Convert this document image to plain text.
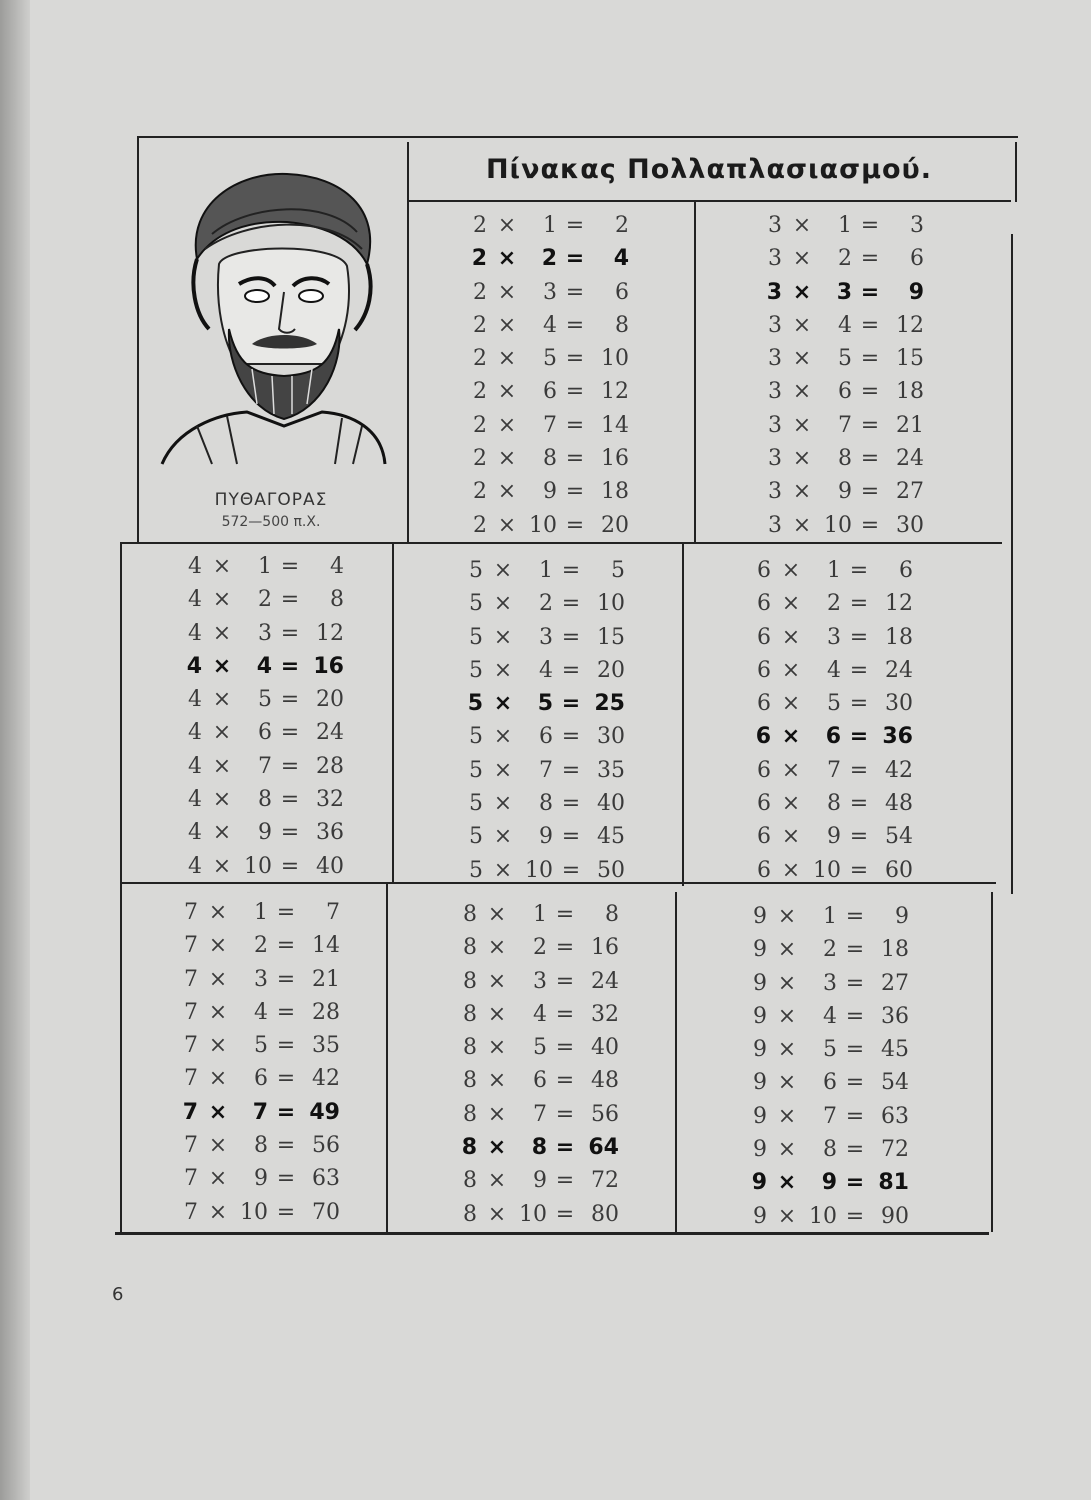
ΠΥΘΑΓΟΡΑΣ
572—500 π.Χ.
Πίνακας Πολλαπλασιασμού.
2 × 1 = 2
2 × 2 = 4
2 × 3 = 6
2 × 4 = 8
2 × 5 = 10
2 × 6 = 12
2 × 7 = 14
2 × 8 = 16
2 × 9 = 18
2 × 10 = 20
3 × 1 = 3
3 × 2 = 6
3 × 3 = 9
3 × 4 = 12
3 × 5 = 15
3 × 6 = 18
3 × 7 = 21
3 × 8 = 24
3 × 9 = 27
3 × 10 = 30
4 × 1 = 4
4 × 2 = 8
4 × 3 = 12
4 × 4 = 16
4 × 5 = 20
4 × 6 = 24
4 × 7 = 28
4 × 8 = 32
4 × 9 = 36
4 × 10 = 40
5 × 1 = 5
5 × 2 = 10
5 × 3 = 15
5 × 4 = 20
5 × 5 = 25
5 × 6 = 30
5 × 7 = 35
5 × 8 = 40
5 × 9 = 45
5 × 10 = 50
6 × 1 = 6
6 × 2 = 12
6 × 3 = 18
6 × 4 = 24
6 × 5 = 30
6 × 6 = 36
6 × 7 = 42
6 × 8 = 48
6 × 9 = 54
6 × 10 = 60
7 × 1 = 7
7 × 2 = 14
7 × 3 = 21
7 × 4 = 28
7 × 5 = 35
7 × 6 = 42
7 × 7 = 49
7 × 8 = 56
7 × 9 = 63
7 × 10 = 70
8 × 1 = 8
8 × 2 = 16
8 × 3 = 24
8 × 4 = 32
8 × 5 = 40
8 × 6 = 48
8 × 7 = 56
8 × 8 = 64
8 × 9 = 72
8 × 10 = 80
9 × 1 = 9
9 × 2 = 18
9 × 3 = 27
9 × 4 = 36
9 × 5 = 45
9 × 6 = 54
9 × 7 = 63
9 × 8 = 72
9 × 9 = 81
9 × 10 = 90
6
